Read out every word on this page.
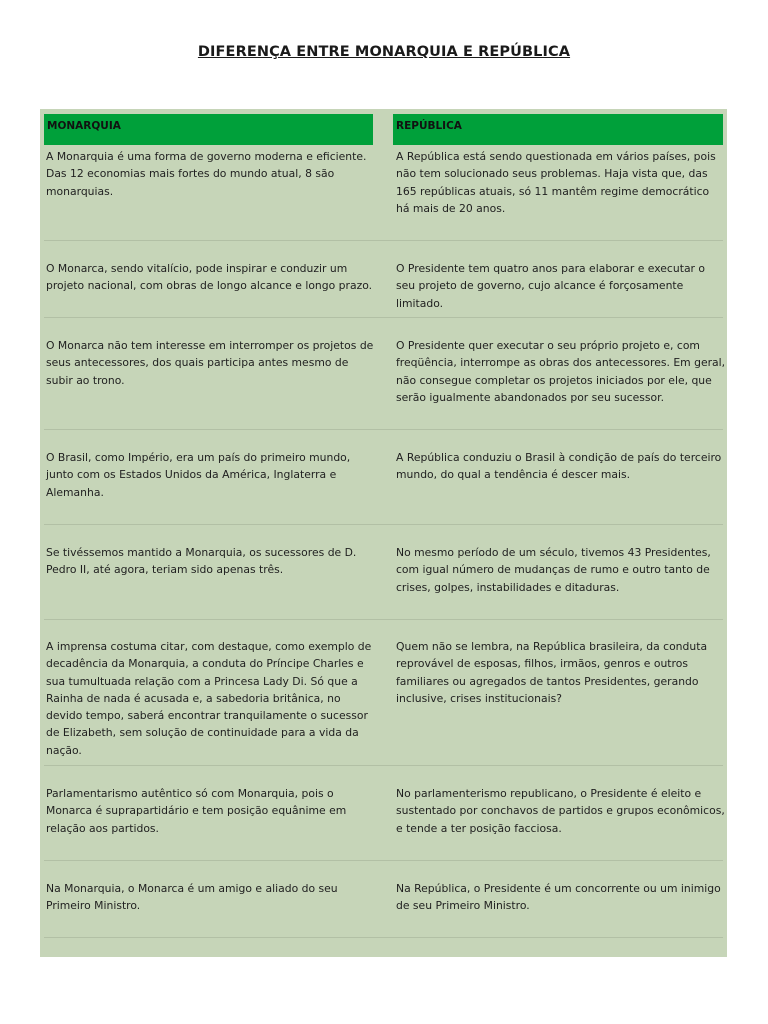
DIFERENÇA ENTRE MONARQUIA E REPÚBLICA
MONARQUIA	REPÚBLICA
A Monarquia é uma forma de governo moderna e eficiente. Das 12 economias mais fortes do mundo atual, 8 são monarquias.
A República está sendo questionada em vários países, pois não tem solucionado seus problemas. Haja vista que, das 165 repúblicas atuais, só 11 mantêm regime democrático há mais de 20 anos.
O Monarca, sendo vitalício, pode inspirar e conduzir um projeto nacional, com obras de longo alcance e longo prazo.
O Presidente tem quatro anos para elaborar e executar o seu projeto de governo, cujo alcance é forçosamente limitado.
O Monarca não tem interesse em interromper os projetos de seus antecessores, dos quais participa antes mesmo de subir ao trono.
O Presidente quer executar o seu próprio projeto e, com freqüência, interrompe as obras dos antecessores. Em geral, não consegue completar os projetos iniciados por ele, que serão igualmente abandonados por seu sucessor.
O Brasil, como Império, era um país do primeiro mundo, junto com os Estados Unidos da América, Inglaterra e Alemanha.
A República conduziu o Brasil à condição de país do terceiro mundo, do qual a tendência é descer mais.
Se tivéssemos mantido a Monarquia, os sucessores de D. Pedro II, até agora, teriam sido apenas três.
No mesmo período de um século, tivemos 43 Presidentes, com igual número de mudanças de rumo e outro tanto de crises, golpes, instabilidades e ditaduras.
A imprensa costuma citar, com destaque, como exemplo de decadência da Monarquia, a conduta do Príncipe Charles e sua tumultuada relação com a Princesa Lady Di. Só que a Rainha de nada é acusada e, a sabedoria britânica, no devido tempo, saberá encontrar tranquilamente o sucessor de Elizabeth, sem solução de continuidade para a vida da nação.
Quem não se lembra, na República brasileira, da conduta reprovável de esposas, filhos, irmãos, genros e outros familiares ou agregados de tantos Presidentes, gerando inclusive, crises institucionais?
Parlamentarismo autêntico só com Monarquia, pois o Monarca é suprapartidário e tem posição equânime em relação aos partidos.
No parlamenterismo republicano, o Presidente é eleito e sustentado por conchavos de partidos e grupos econômicos, e tende a ter posição facciosa.
Na Monarquia, o Monarca é um amigo e aliado do seu Primeiro Ministro.
Na República, o Presidente é um concorrente ou um inimigo de seu Primeiro Ministro.
